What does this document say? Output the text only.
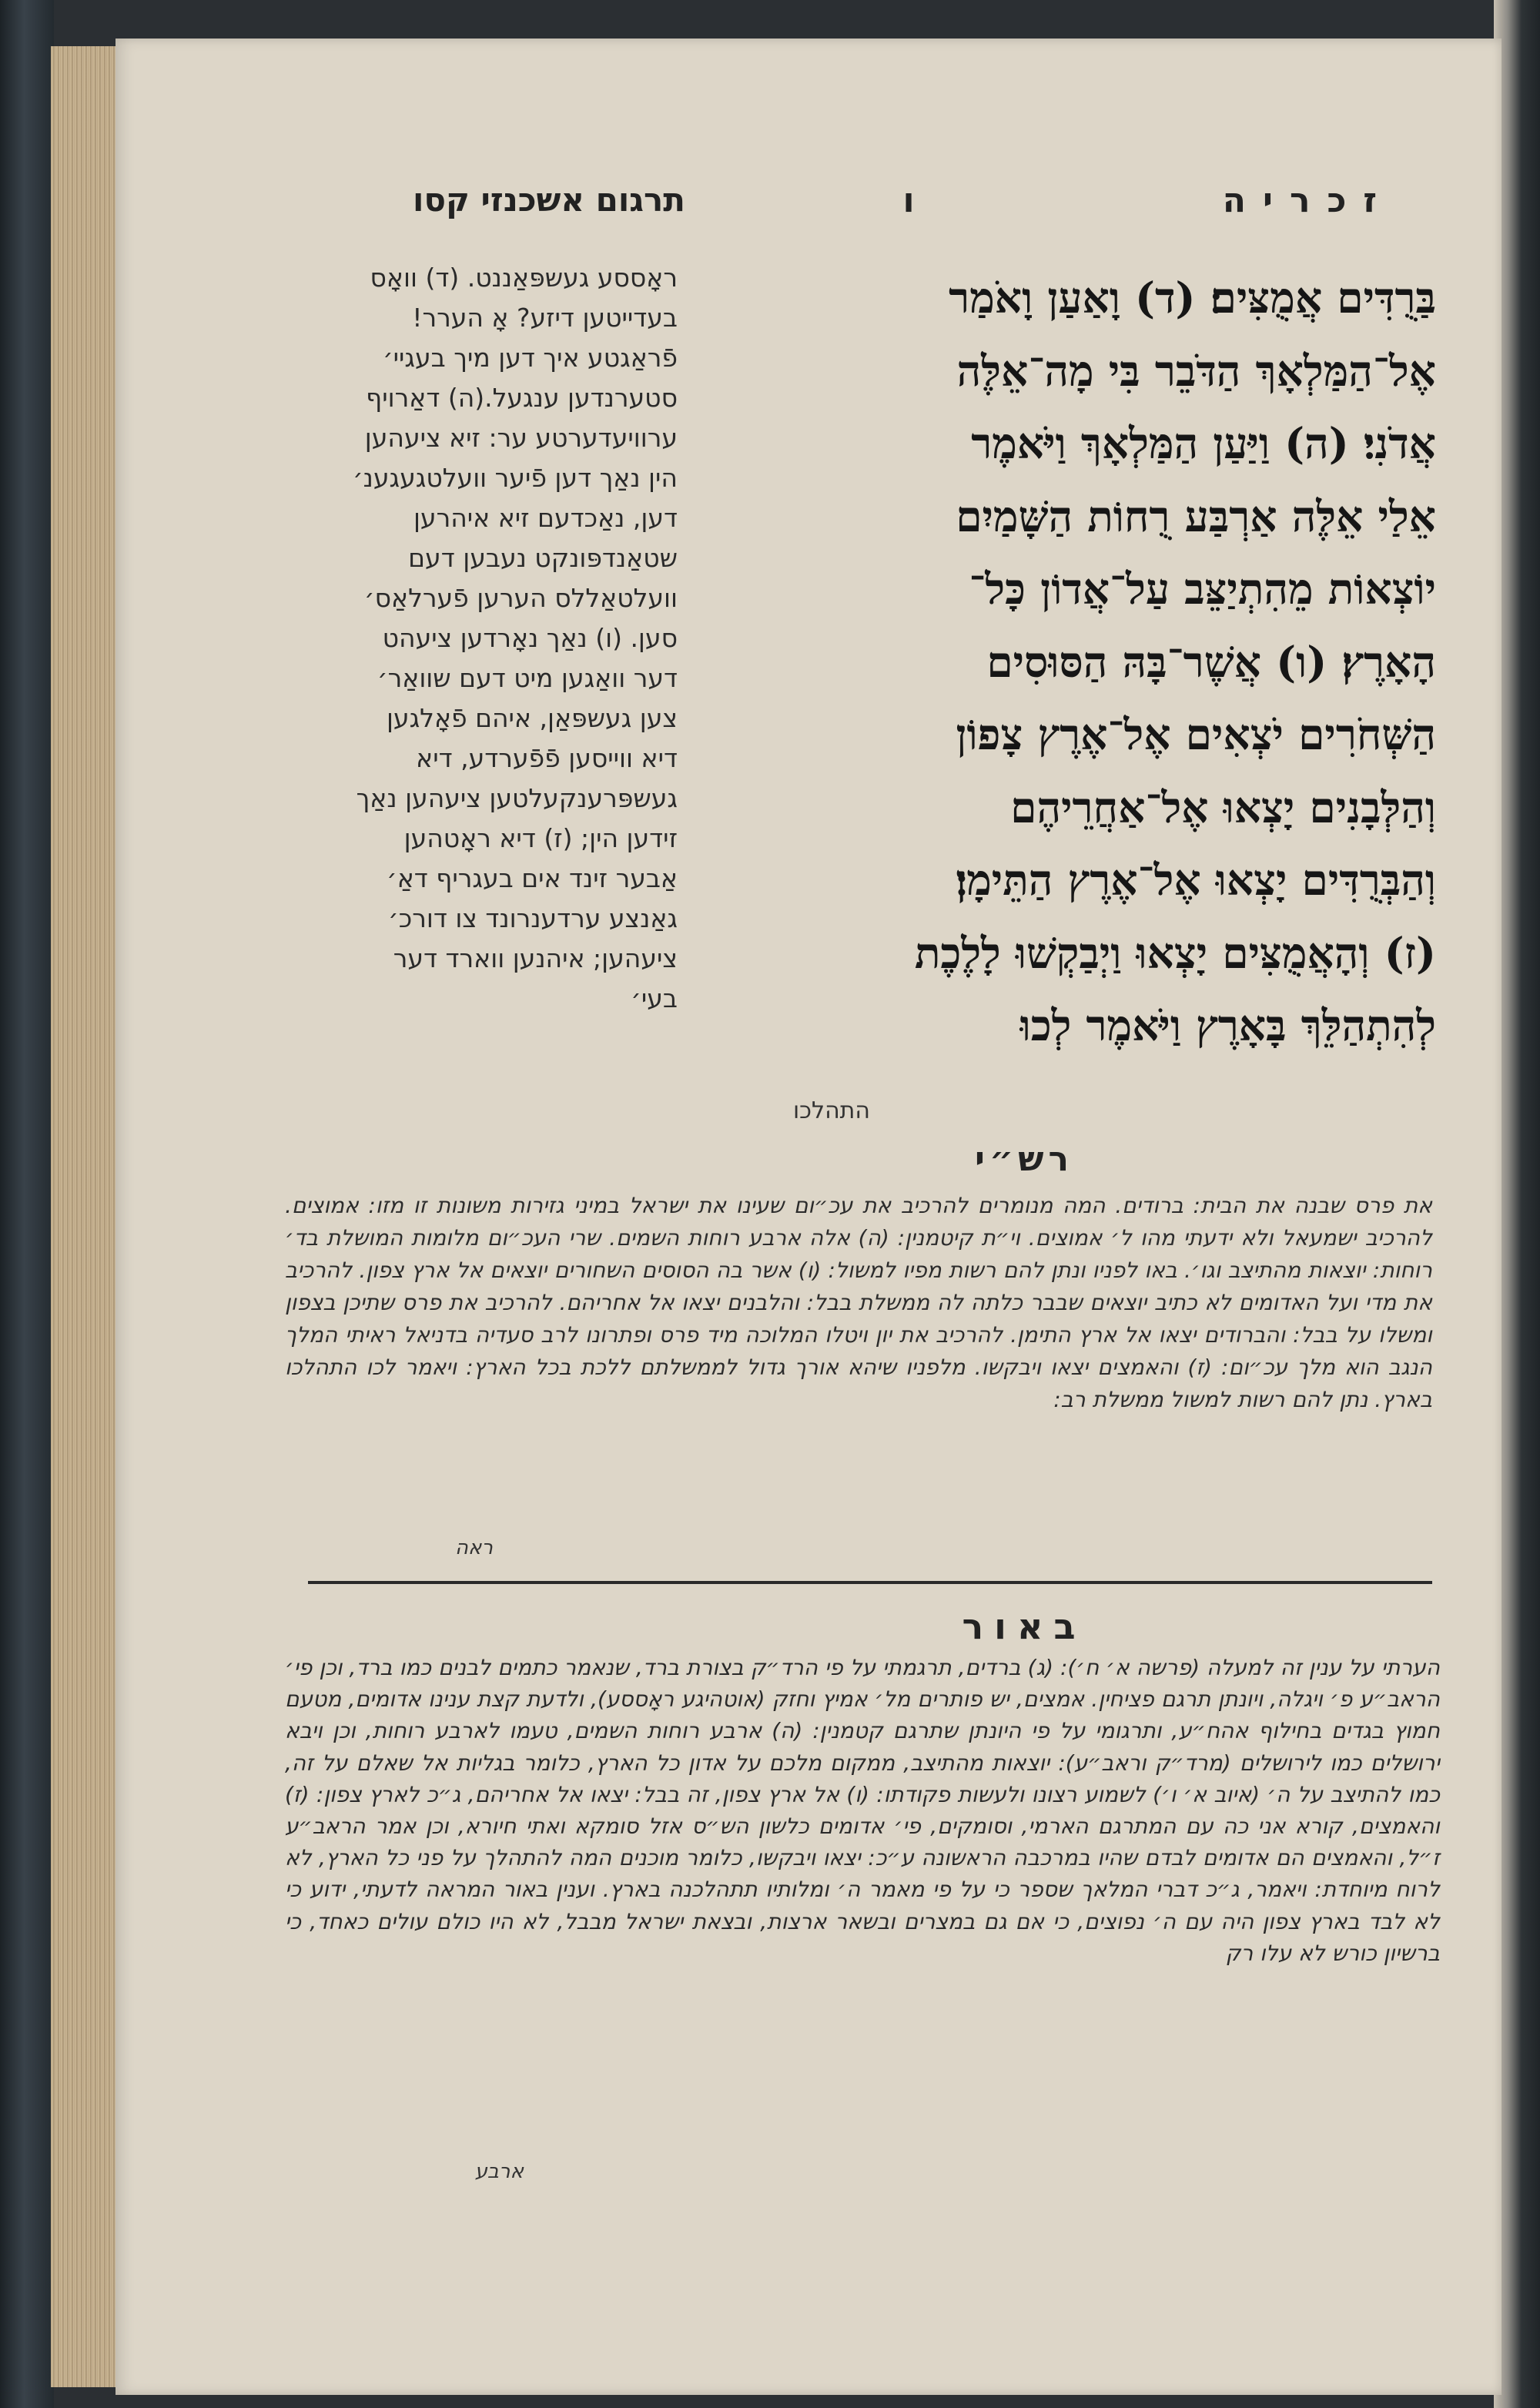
זכריה
ו
תרגום אשכנזי קסו
בַּרֻדִּים אֲמֻצִּים׃ (ד) וָאַעַן וָאֹמַר
אֶל־הַמַּלְאָךְ הַדֹּבֵר בִּי מָה־אֵלֶּה
אֲדֹנִי׃ (ה) וַיַּעַן הַמַּלְאָךְ וַיֹּאמֶר
אֵלַי אֵלֶּה אַרְבַּע רֻחוֹת הַשָּׁמַיִם
יוֹצְאוֹת מֵהִתְיַצֵּב עַל־אֲדוֹן כָּל־
הָאָרֶץ׃ (ו) אֲשֶׁר־בָּהּ הַסּוּסִים
הַשְּׁחֹרִים יֹצְאִים אֶל־אֶרֶץ צָפוֹן
וְהַלְּבָנִים יָצְאוּ אֶל־אַחֲרֵיהֶם
וְהַבְּרֻדִּים יָצְאוּ אֶל־אֶרֶץ הַתֵּימָן׃
(ז) וְהָאֲמֻצִּים יָצְאוּ וַיְבַקְשׁוּ לָלֶכֶת
לְהִתְהַלֵּךְ בָּאָרֶץ וַיֹּאמֶר לְכוּ
ראָססע געשפּאַננט. (ד) וואָס
בעדייטען דיזע? אָ הערר!
פֿראַגטע איך דען מיך בעגיי׳
סטערנדען ענגעל.(ה) דאַרויף
ערוויעדערטע ער: זיא ציעהען
הין נאַך דען פֿיער וועלטגעגענ׳
דען, נאַכדעם זיא איהרען
שטאַנדפּונקט נעבען דעם
וועלטאַללס הערען פֿערלאַס׳
סען. (ו) נאַך נאָרדען ציעהט
דער וואַגען מיט דעם שוואַר׳
צען געשפּאַן, איהם פֿאָלגען
דיא ווייסען פֿפֿערדע, דיא
געשפּרענקעלטען ציעהען נאַך
זידען הין; (ז) דיא ראָטהען
אַבער זינד אים בעגריף דאַ׳
גאַנצע ערדענרונד צו דורכ׳
ציעהען; איהנען ווארד דער
בעי׳
התהלכו
רש״י
את פרס שבנה את הבית: ברודים. המה מנומרים להרכיב את עכ״ום שעינו את ישראל במיני גזירות משונות זו מזו: אמוצים. להרכיב ישמעאל ולא ידעתי מהו ל׳ אמוצים. וי״ת קיטמנין: (ה) אלה ארבע רוחות השמים. שרי העכ״ום מלומות המושלת בד׳ רוחות: יוצאות מהתיצב וגו׳. באו לפניו ונתן להם רשות מפיו למשול: (ו) אשר בה הסוסים השחורים יוצאים אל ארץ צפון. להרכיב את מדי ועל האדומים לא כתיב יוצאים שבבר כלתה לה ממשלת בבל: והלבנים יצאו אל אחריהם. להרכיב את פרס שתיכן בצפון ומשלו על בבל: והברודים יצאו אל ארץ התימן. להרכיב את יון ויטלו המלוכה מיד פרס ופתרונו לרב סעדיה בדניאל ראיתי המלך הנגב הוא מלך עכ״ום: (ז) והאמצים יצאו ויבקשו. מלפניו שיהא אורך גדול לממשלתם ללכת בכל הארץ: ויאמר לכו התהלכו בארץ. נתן להם רשות למשול ממשלת רב:
ראה
באור
הערתי על ענין זה למעלה (פרשה א׳ ח׳): (ג) ברדים, תרגמתי על פי הרד״ק בצורת ברד, שנאמר כתמים לבנים כמו ברד, וכן פי׳ הראב״ע פ׳ ויגלה, ויונתן תרגם פציחין. אמצים, יש פותרים מל׳ אמיץ וחזק (אוטהיגע ראָססע), ולדעת קצת ענינו אדומים, מטעם חמוץ בגדים בחילוף אהח״ע, ותרגומי על פי היונתן שתרגם קטמנין: (ה) ארבע רוחות השמים, טעמו לארבע רוחות, וכן ויבא ירושלים כמו לירושלים (מרד״ק וראב״ע): יוצאות מהתיצב, ממקום מלכם על אדון כל הארץ, כלומר בגליות אל שאלם על זה, כמו להתיצב על ה׳ (איוב א׳ ו׳) לשמוע רצונו ולעשות פקודתו: (ו) אל ארץ צפון, זה בבל: יצאו אל אחריהם, ג״כ לארץ צפון: (ז) והאמצים, קורא אני כה עם המתרגם הארמי, וסומקים, פי׳ אדומים כלשון הש״ס אזל סומקא ואתי חיורא, וכן אמר הראב״ע ז״ל, והאמצים הם אדומים לבדם שהיו במרכבה הראשונה ע״כ: יצאו ויבקשו, כלומר מוכנים המה להתהלך על פני כל הארץ, לא לרוח מיוחדת: ויאמר, ג״כ דברי המלאך שספר כי על פי מאמר ה׳ ומלותיו תתהלכנה בארץ. וענין באור המראה לדעתי, ידוע כי לא לבד בארץ צפון היה עם ה׳ נפוצים, כי אם גם במצרים ובשאר ארצות, ובצאת ישראל מבבל, לא היו כולם עולים כאחד, כי ברשיון כורש לא עלו רק
ארבע
